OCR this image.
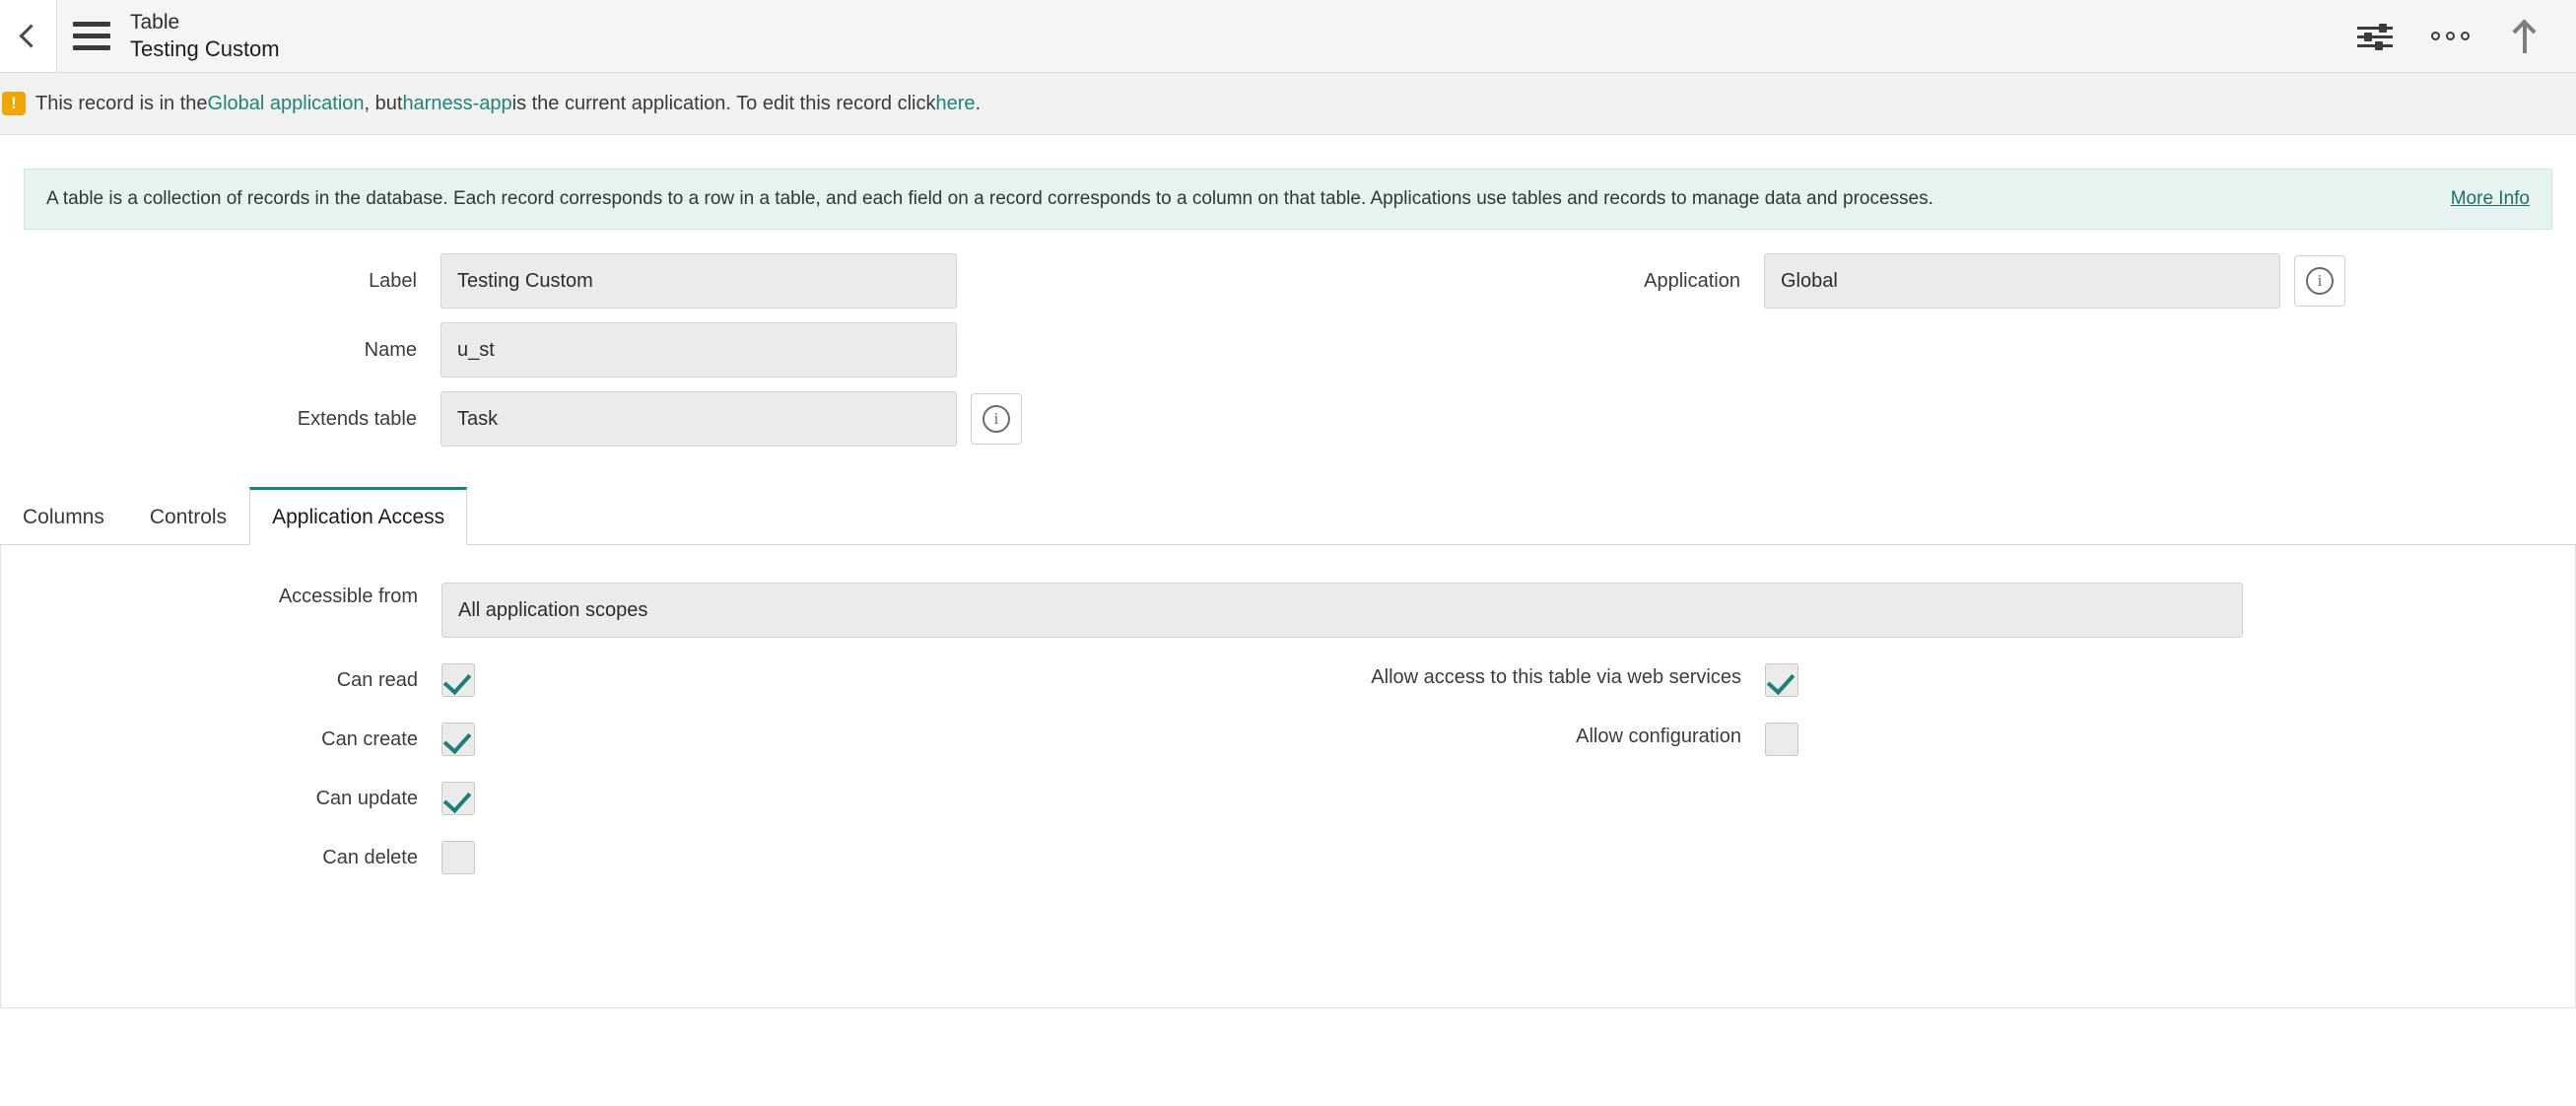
Table
Testing Custom
!
This record is in the Global application , but harness-app is the current application. To edit this record click here .
A table is a collection of records in the database. Each record corresponds to a row in a table, and each field on a record corresponds to a column on that table. Applications use tables and records to manage data and processes.	More Info
Label	Testing Custom	Application	Global	i
Name	u_st
Extends table	Task	i
Columns	Controls	Application Access
Accessible from
All application scopes
Can read	Allow access to this table via web services
Can create	Allow configuration
Can update
Can delete
